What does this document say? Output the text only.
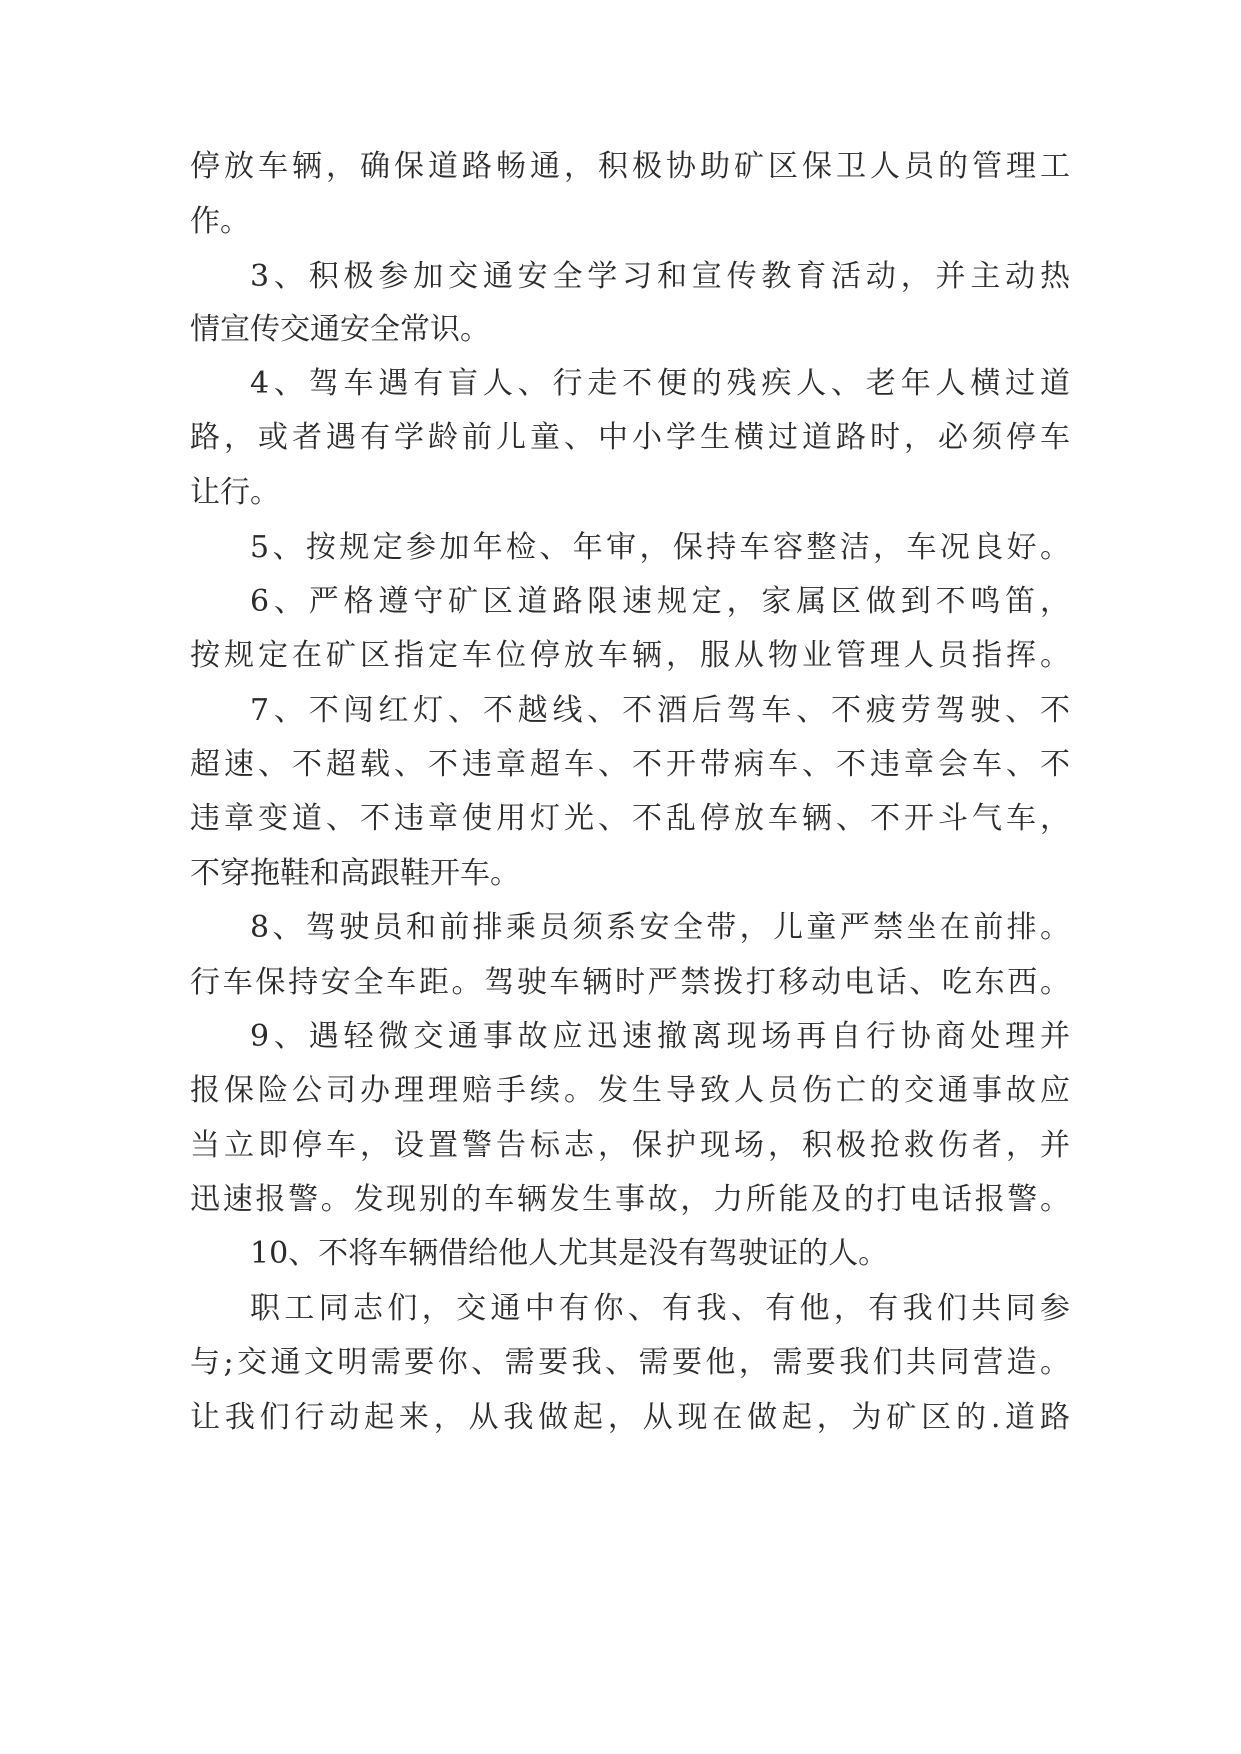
停放车辆，确保道路畅通，积极协助矿区保卫人员的管理工

作。

3、积极参加交通安全学习和宣传教育活动，并主动热

情宣传交通安全常识。

4、驾车遇有盲人、行走不便的残疾人、老年人横过道

路，或者遇有学龄前儿童、中小学生横过道路时，必须停车

让行。

5、按规定参加年检、年审，保持车容整洁，车况良好。

6、严格遵守矿区道路限速规定，家属区做到不鸣笛，

按规定在矿区指定车位停放车辆，服从物业管理人员指挥。

7、不闯红灯、不越线、不酒后驾车、不疲劳驾驶、不

超速、不超载、不违章超车、不开带病车、不违章会车、不

违章变道、不违章使用灯光、不乱停放车辆、不开斗气车，

不穿拖鞋和高跟鞋开车。

8、驾驶员和前排乘员须系安全带，儿童严禁坐在前排。

行车保持安全车距。驾驶车辆时严禁拨打移动电话、吃东西。

9、遇轻微交通事故应迅速撤离现场再自行协商处理并

报保险公司办理理赔手续。发生导致人员伤亡的交通事故应

当立即停车，设置警告标志，保护现场，积极抢救伤者，并

迅速报警。发现别的车辆发生事故，力所能及的打电话报警。

10、不将车辆借给他人尤其是没有驾驶证的人。

职工同志们，交通中有你、有我、有他，有我们共同参

与;交通文明需要你、需要我、需要他，需要我们共同营造。

让我们行动起来，从我做起，从现在做起，为矿区的.道路
